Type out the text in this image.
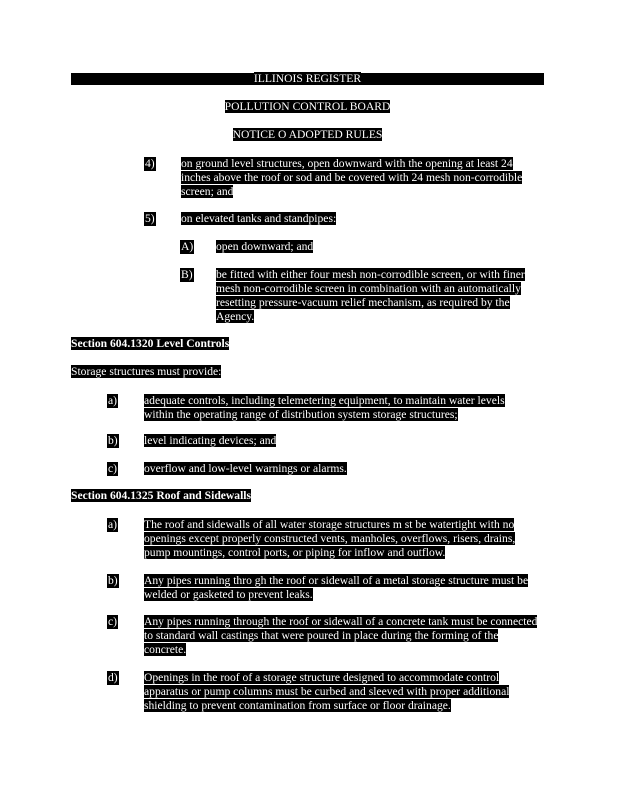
ILLINOIS REGISTER
POLLUTION CONTROL BOARD
NOTICE O ADOPTED RULES
4) on ground level structures, open downward with the opening at least 24 inches above the roof or sod and be covered with 24 mesh non-corrodible screen; and
5) on elevated tanks and standpipes:
A) open downward; and
B) be fitted with either four mesh non-corrodible screen, or with finer mesh non-corrodible screen in combination with an automatically resetting pressure-vacuum relief mechanism, as required by the Agency.
Section 604.1320 Level Controls
Storage structures must provide:
a) adequate controls, including telemetering equipment, to maintain water levels within the operating range of distribution system storage structures;
b) level indicating devices; and
c) overflow and low-level warnings or alarms.
Section 604.1325 Roof and Sidewalls
a) The roof and sidewalls of all water storage structures m st be watertight with no openings except properly constructed vents, manholes, overflows, risers, drains, pump mountings, control ports, or piping for inflow and outflow.
b) Any pipes running thro gh the roof or sidewall of a metal storage structure must be welded or gasketed to prevent leaks.
c) Any pipes running through the roof or sidewall of a concrete tank must be connected to standard wall castings that were poured in place during the forming of the concrete.
d) Openings in the roof of a storage structure designed to accommodate control apparatus or pump columns must be curbed and sleeved with proper additional shielding to prevent contamination from surface or floor drainage.
